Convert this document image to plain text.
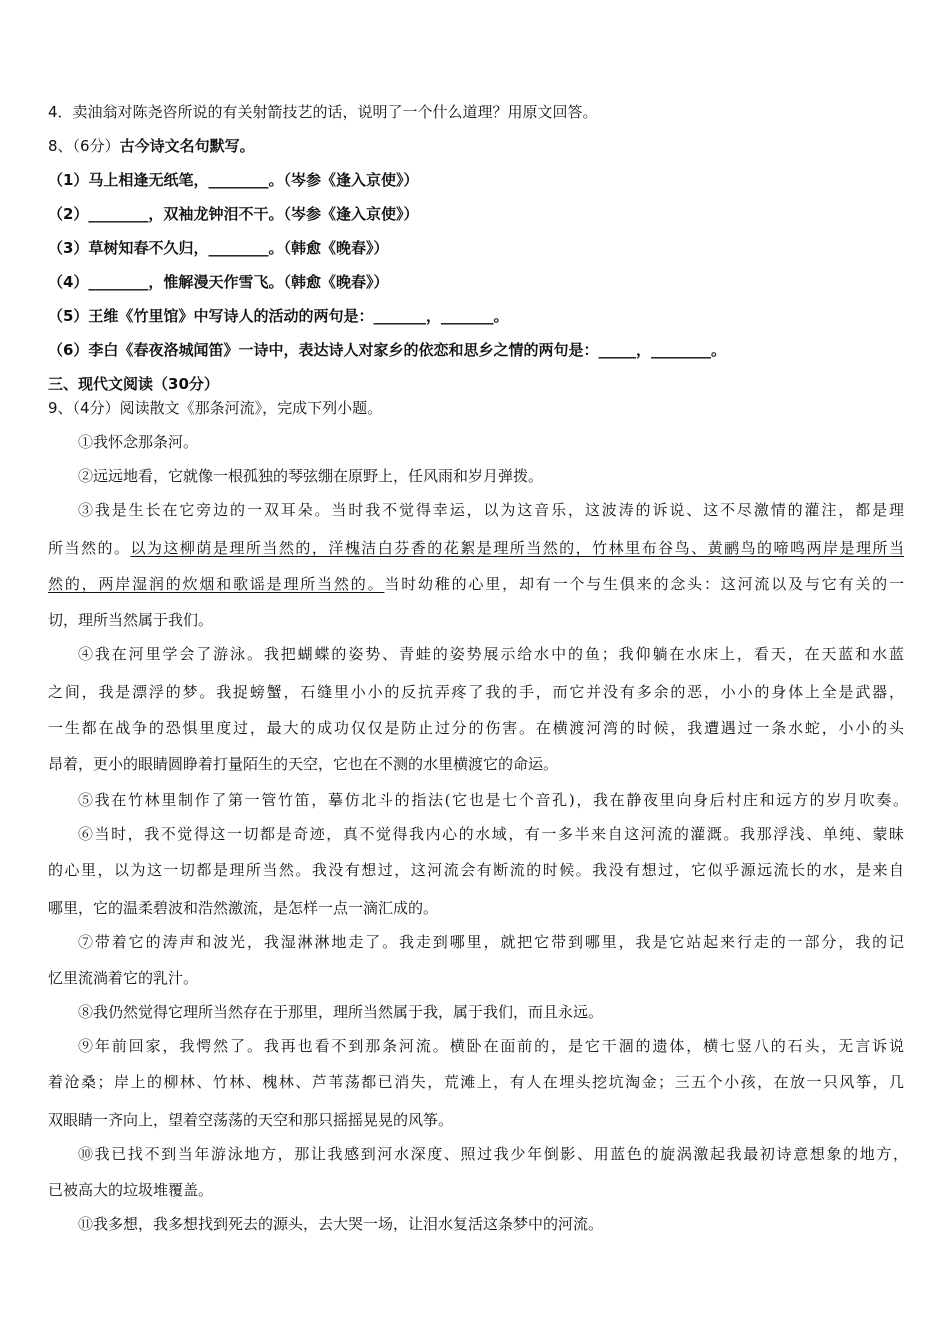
4．卖油翁对陈尧咨所说的有关射箭技艺的话，说明了一个什么道理？用原文回答。
8、（6分）古今诗文名句默写。
（1）马上相逢无纸笔，________。（岑参《逢入京使》）
（2）________，双袖龙钟泪不干。（岑参《逢入京使》）
（3）草树知春不久归，________。（韩愈《晚春》）
（4）________，惟解漫天作雪飞。（韩愈《晚春》）
（5）王维《竹里馆》中写诗人的活动的两句是：_______，_______。
（6）李白《春夜洛城闻笛》一诗中，表达诗人对家乡的依恋和思乡之情的两句是：_____，________。
三、现代文阅读（30分）
9、（4分）阅读散文《那条河流》，完成下列小题。
①我怀念那条河。
②远远地看，它就像一根孤独的琴弦绷在原野上，任风雨和岁月弹拨。
③我是生长在它旁边的一双耳朵。当时我不觉得幸运，以为这音乐，这波涛的诉说、这不尽激情的灌注，都是理
所当然的。以为这柳荫是理所当然的，洋槐洁白芬香的花絮是理所当然的，竹林里布谷鸟、黄鹂鸟的啼鸣两岸是理所当
然的，两岸湿润的炊烟和歌谣是理所当然的。当时幼稚的心里，却有一个与生俱来的念头：这河流以及与它有关的一
切，理所当然属于我们。
④我在河里学会了游泳。我把蝴蝶的姿势、青蛙的姿势展示给水中的鱼；我仰躺在水床上，看天，在天蓝和水蓝
之间，我是漂浮的梦。我捉螃蟹，石缝里小小的反抗弄疼了我的手，而它并没有多余的恶，小小的身体上全是武器，
一生都在战争的恐惧里度过，最大的成功仅仅是防止过分的伤害。在横渡河湾的时候，我遭遇过一条水蛇，小小的头
昂着，更小的眼睛圆睁着打量陌生的天空，它也在不测的水里横渡它的命运。
⑤我在竹林里制作了第一管竹笛，摹仿北斗的指法(它也是七个音孔)，我在静夜里向身后村庄和远方的岁月吹奏。
⑥当时，我不觉得这一切都是奇迹，真不觉得我内心的水域，有一多半来自这河流的灌溉。我那浮浅、单纯、蒙昧
的心里，以为这一切都是理所当然。我没有想过，这河流会有断流的时候。我没有想过，它似乎源远流长的水，是来自
哪里，它的温柔碧波和浩然激流，是怎样一点一滴汇成的。
⑦带着它的涛声和波光，我湿淋淋地走了。我走到哪里，就把它带到哪里，我是它站起来行走的一部分，我的记
忆里流淌着它的乳汁。
⑧我仍然觉得它理所当然存在于那里，理所当然属于我，属于我们，而且永远。
⑨年前回家，我愕然了。我再也看不到那条河流。横卧在面前的，是它干涸的遗体，横七竖八的石头，无言诉说
着沧桑；岸上的柳林、竹林、槐林、芦苇荡都已消失，荒滩上，有人在埋头挖坑淘金；三五个小孩，在放一只风筝，几
双眼睛一齐向上，望着空荡荡的天空和那只摇摇晃晃的风筝。
⑩我已找不到当年游泳地方，那让我感到河水深度、照过我少年倒影、用蓝色的旋涡激起我最初诗意想象的地方，
已被高大的垃圾堆覆盖。
⑪我多想，我多想找到死去的源头，去大哭一场，让泪水复活这条梦中的河流。
